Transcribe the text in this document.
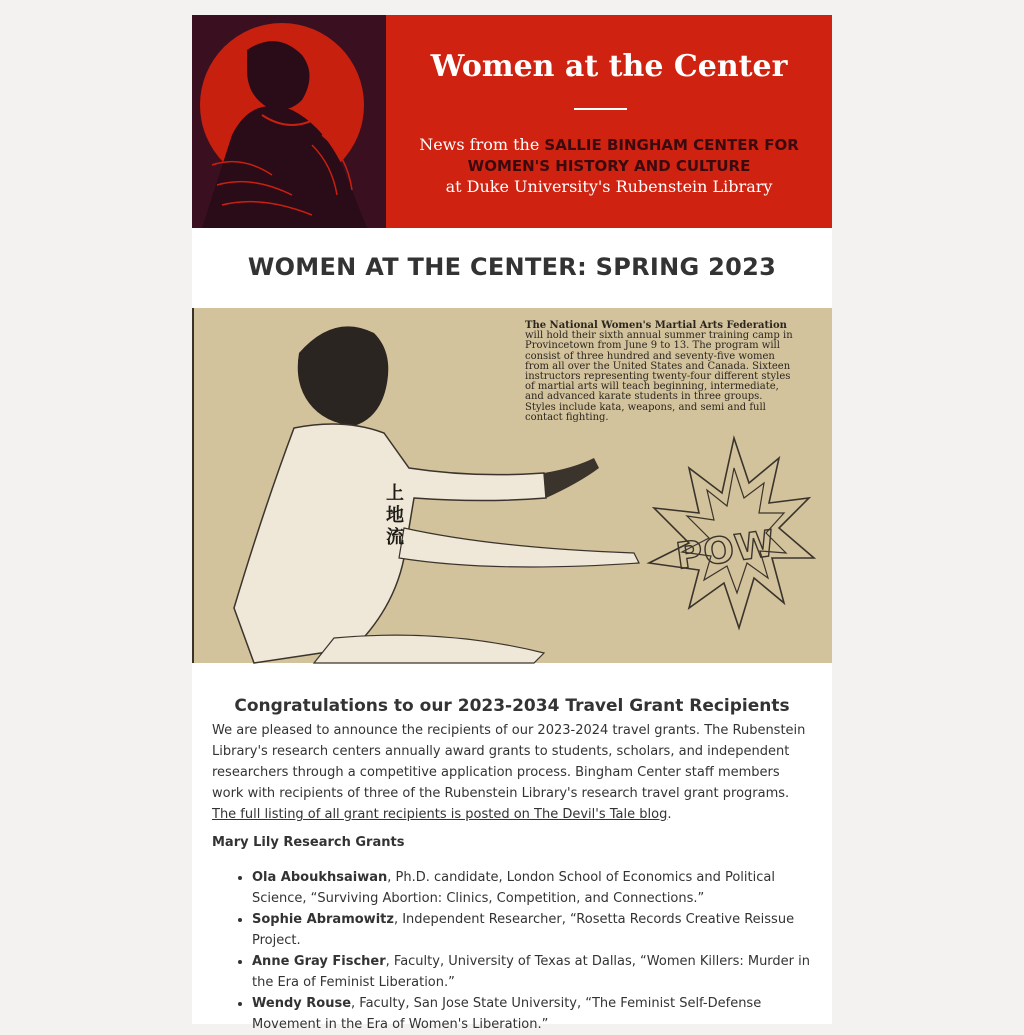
Women at the Center
News from the SALLIE BINGHAM CENTER FOR
WOMEN'S HISTORY AND CULTURE
at Duke University's Rubenstein Library
WOMEN AT THE CENTER: SPRING 2023
The National Women's Martial Arts Federation will hold their sixth annual summer training camp in Provincetown from June 9 to 13. The program will consist of three hundred and seventy-five women from all over the United States and Canada. Sixteen instructors representing twenty-four different styles of martial arts will teach beginning, intermediate, and advanced karate students in three groups. Styles include kata, weapons, and semi and full contact fighting.
POW
上地流
Congratulations to our 2023-2034 Travel Grant Recipients

We are pleased to announce the recipients of our 2023-2024 travel grants. The Rubenstein Library's research centers annually award grants to students, scholars, and independent researchers through a competitive application process. Bingham Center staff members work with recipients of three of the Rubenstein Library's research travel grant programs. The full listing of all grant recipients is posted on The Devil's Tale blog.

Mary Lily Research Grants

• Ola Aboukhsaiwan, Ph.D. candidate, London School of Economics and Political Science, “Surviving Abortion: Clinics, Competition, and Connections.”
• Sophie Abramowitz, Independent Researcher, “Rosetta Records Creative Reissue Project.
• Anne Gray Fischer, Faculty, University of Texas at Dallas, “Women Killers: Murder in the Era of Feminist Liberation.”
• Wendy Rouse, Faculty, San Jose State University, “The Feminist Self-Defense Movement in the Era of Women's Liberation.”
